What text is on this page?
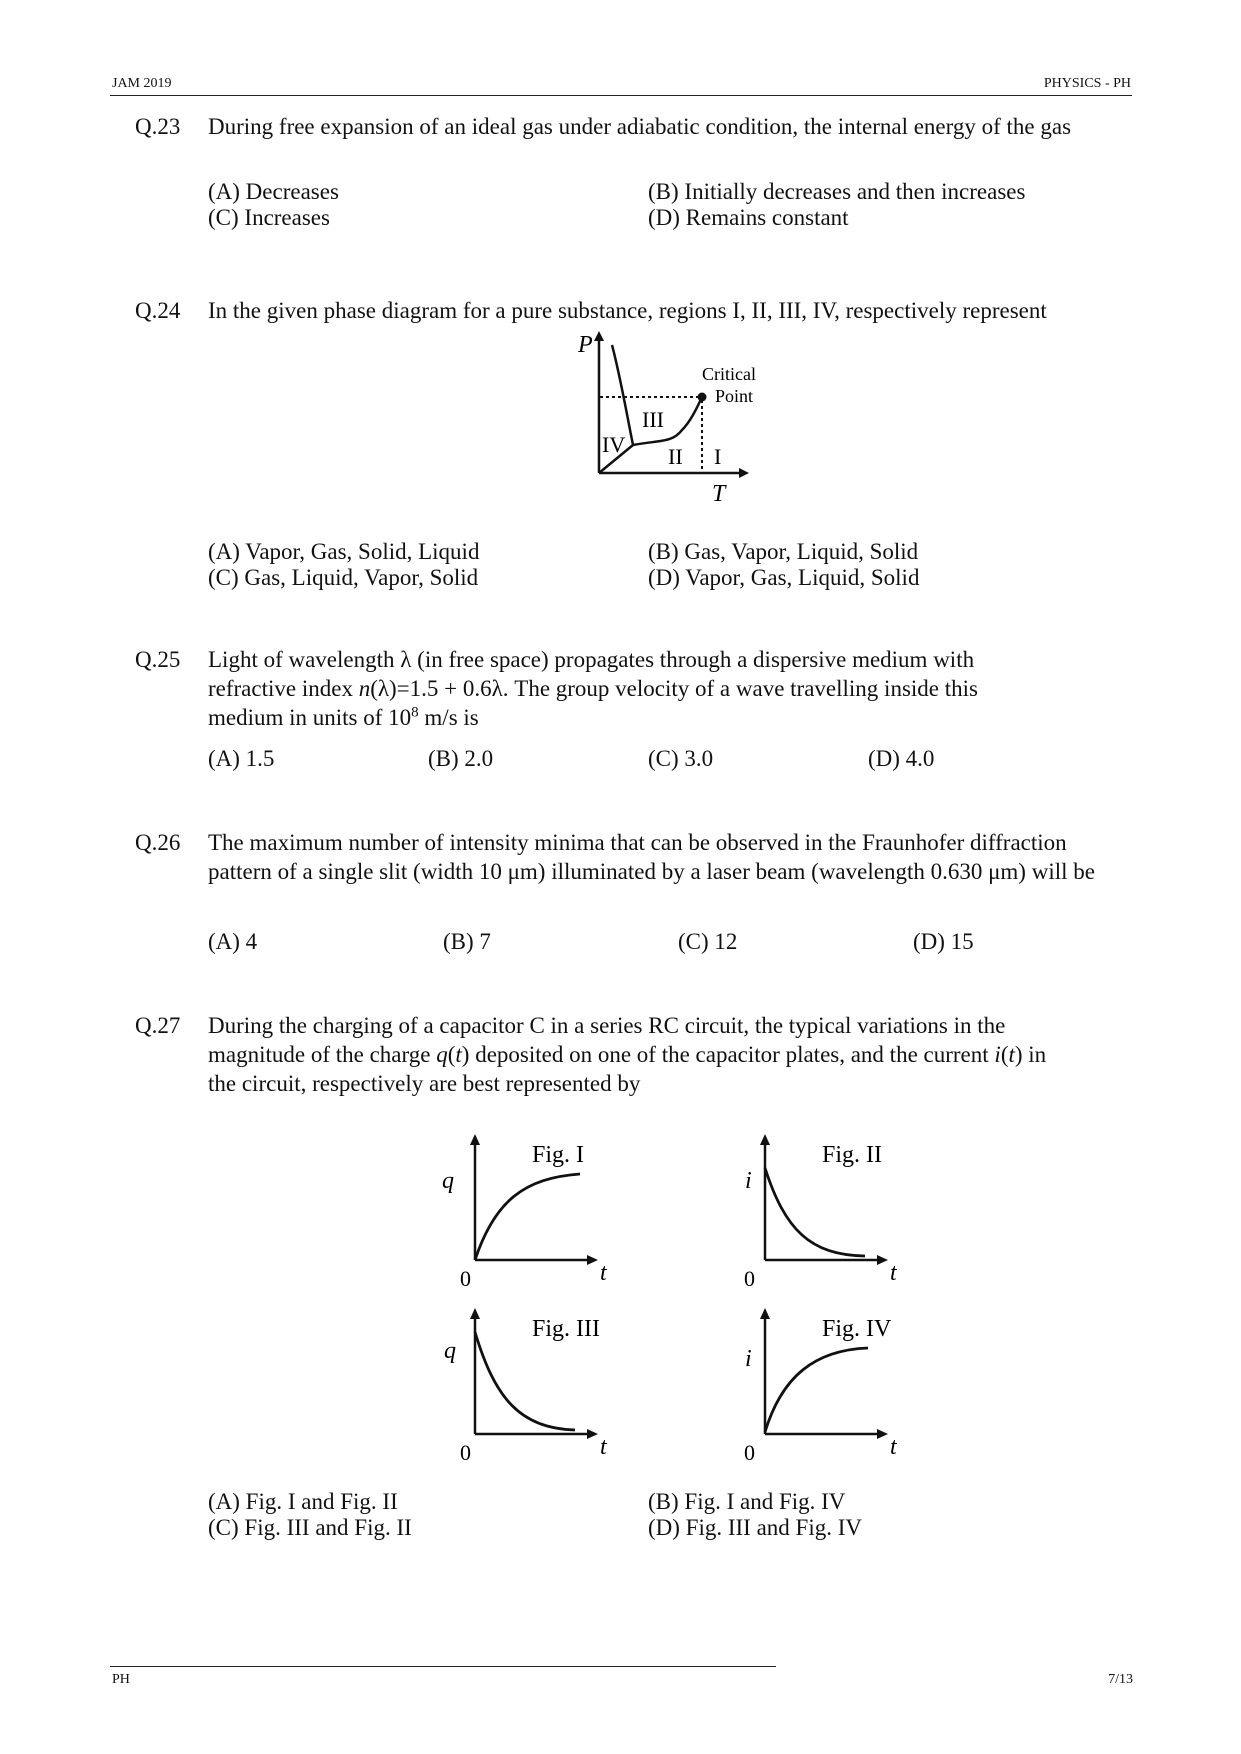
JAM 2019	PHYSICS - PH
Q.23 During free expansion of an ideal gas under adiabatic condition, the internal energy of the gas
(A) Decreases	(B) Initially decreases and then increases
(C) Increases	(D) Remains constant
Q.24 In the given phase diagram for a pure substance, regions I, II, III, IV, respectively represent
P
T
Critical
Point
III
IV II I
(A) Vapor, Gas, Solid, Liquid	(B) Gas, Vapor, Liquid, Solid
(C) Gas, Liquid, Vapor, Solid	(D) Vapor, Gas, Liquid, Solid
Q.25 Light of wavelength λ (in free space) propagates through a dispersive medium with
refractive index n(λ)=1.5 + 0.6λ. The group velocity of a wave travelling inside this
medium in units of $10^8$ m/s is
(A) 1.5	(B) 2.0	(C) 3.0	(D) 4.0
Q.26 The maximum number of intensity minima that can be observed in the Fraunhofer diffraction pattern of a single slit (width 10 μm) illuminated by a laser beam (wavelength 0.630 μm) will be
(A) 4	(B) 7	(C) 12	(D) 15
Q.27 During the charging of a capacitor C in a series RC circuit, the typical variations in the
magnitude of the charge q(t) deposited on one of the capacitor plates, and the current i(t) in
the circuit, respectively are best represented by
Fig. I
q
0	t
Fig. II
i
0	t
Fig. III
q
0	t
Fig. IV
i
0	t
(A) Fig. I and Fig. II	(B) Fig. I and Fig. IV
(C) Fig. III and Fig. II	(D) Fig. III and Fig. IV
PH	7/13
